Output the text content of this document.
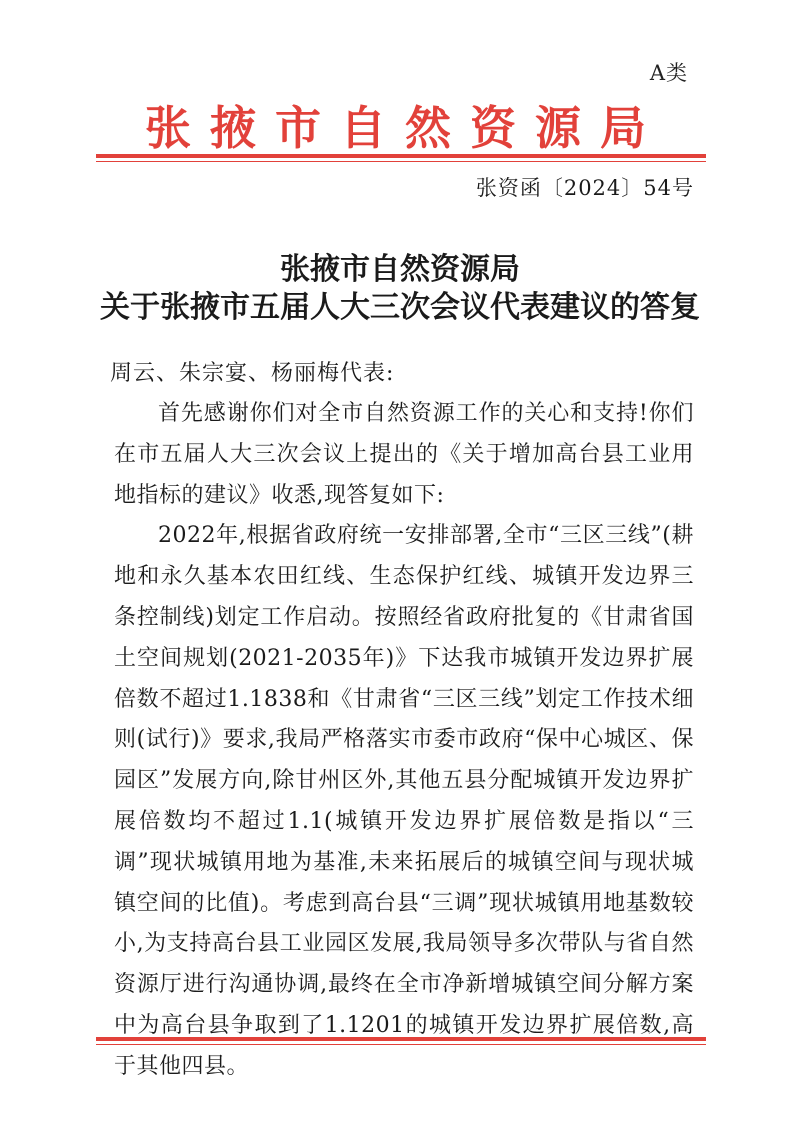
A类
张掖市自然资源局
张资函〔2024〕54号
张掖市自然资源局
关于张掖市五届人大三次会议代表建议的答复
周云、朱宗宴、杨丽梅代表:

首先感谢你们对全市自然资源工作的关心和支持!你们在市五届人大三次会议上提出的《关于增加高台县工业用地指标的建议》收悉,现答复如下:

2022年,根据省政府统一安排部署,全市“三区三线”(耕地和永久基本农田红线、生态保护红线、城镇开发边界三条控制线)划定工作启动。按照经省政府批复的《甘肃省国土空间规划(2021-2035年)》下达我市城镇开发边界扩展倍数不超过1.1838和《甘肃省“三区三线”划定工作技术细则(试行)》要求,我局严格落实市委市政府“保中心城区、保园区”发展方向,除甘州区外,其他五县分配城镇开发边界扩展倍数均不超过1.1(城镇开发边界扩展倍数是指以“三调”现状城镇用地为基准,未来拓展后的城镇空间与现状城镇空间的比值)。考虑到高台县“三调”现状城镇用地基数较小,为支持高台县工业园区发展,我局领导多次带队与省自然资源厅进行沟通协调,最终在全市净新增城镇空间分解方案中为高台县争取到了1.1201的城镇开发边界扩展倍数,高于其他四县。
